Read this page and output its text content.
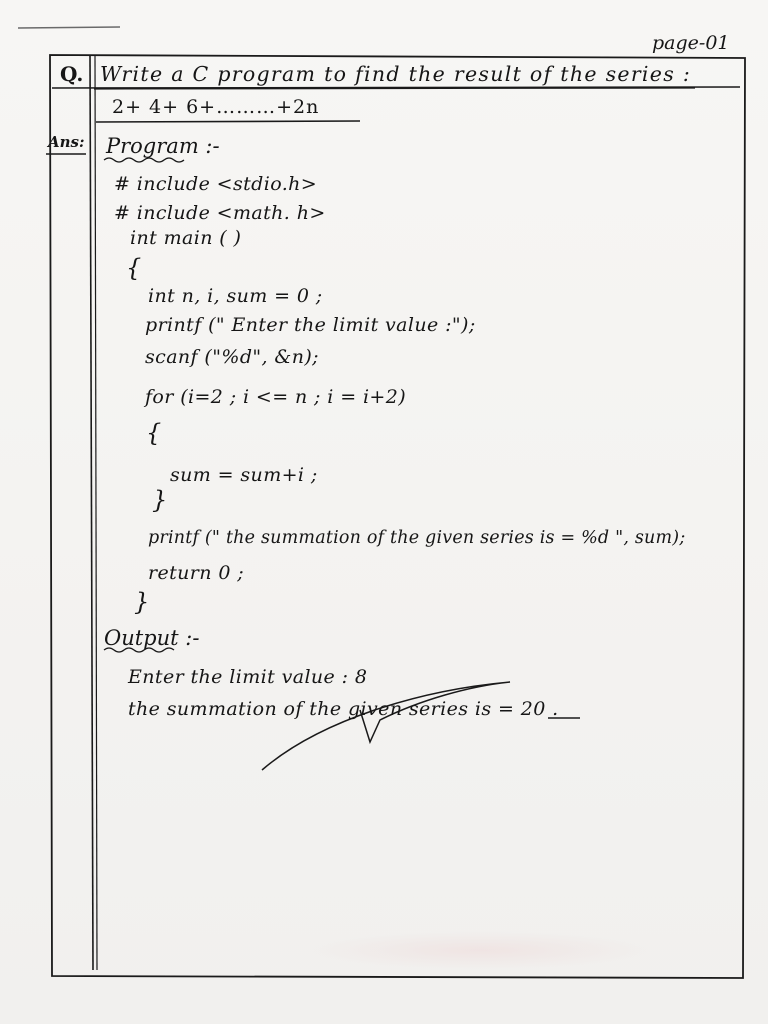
page-01
Q. Write a C program to find the result of the series :
2+ 4+ 6+………+2n
Ans: Program :-
# include <stdio.h>
# include <math. h>
int main ( )
{
int n, i, sum = 0 ;
printf (" Enter the limit value :");
scanf ("%d", &n);
for (i=2 ; i <= n ; i = i+2)
{
sum = sum+i ;
}
printf (" the summation of the given series is = %d ", sum);
return 0 ;
}
Output :-
Enter the limit value : 8
the summation of the given series is = 20 .
